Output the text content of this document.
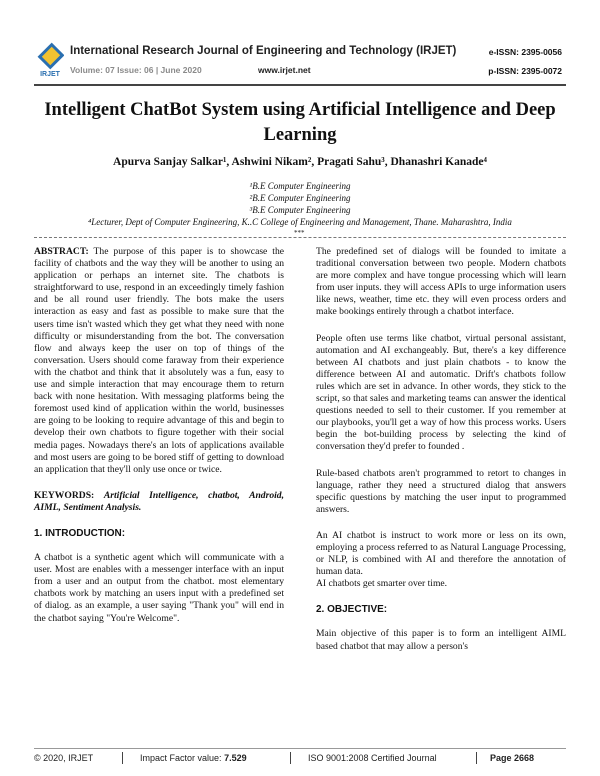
IRJET
International Research Journal of Engineering and Technology (IRJET)
Volume: 07 Issue: 06 | June 2020	www.irjet.net
e-ISSN: 2395-0056
p-ISSN: 2395-0072
Intelligent ChatBot System using Artificial Intelligence and Deep Learning
Apurva Sanjay Salkar¹, Ashwini Nikam², Pragati Sahu³, Dhanashri Kanade⁴
¹B.E Computer Engineering
²B.E Computer Engineering
³B.E Computer Engineering
⁴Lecturer, Dept of Computer Engineering, K..C College of Engineering and Management, Thane. Maharashtra, India
***

ABSTRACT: The purpose of this paper is to showcase the facility of chatbots and the way they will be another to using an application or perhaps an internet site. The chatbots is straightforward to use, respond in an exceedingly timely fashion and be all round user friendly. The bots make the users interaction as easy and fast as possible to make sure that the users time isn't wasted which they get what they need with none difficulty or misunderstanding from the bot. The conversation flow and always keep the user on top of things of the conversation. Users should come faraway from their experience with the chatbot and think that it absolutely was a fun, easy to use and simple interaction that may encourage them to return back with none hesitation. With messaging platforms being the foremost used kind of application within the world, businesses are going to be looking to require advantage of this and begin to develop their own chatbots to figure together with their social media pages. Nowadays there's an lots of applications available and most users are going to be bored stiff of getting to download an application that they'll only use once or twice.

KEYWORDS: Artificial Intelligence, chatbot, Android, AIML, Sentiment Analysis.

1. INTRODUCTION:

A chatbot is a synthetic agent which will communicate with a user. Most are enables with a messenger interface with an input from a user and an output from the chatbot. most elementary chatbots work by matching an users input with a predefined set of dialog. as an example, a user saying "Thank you" will end in the chatbot saying "You're Welcome".

The predefined set of dialogs will be founded to imitate a traditional conversation between two people. Modern chatbots are more complex and have tongue processing which will learn from user inputs. they will access APIs to urge information users like news, weather, time etc. they will even process orders and make bookings entirely through a chatbot interface.

People often use terms like chatbot, virtual personal assistant, automation and AI exchangeably. But, there's a key difference between AI chatbots and just plain chatbots - to know the difference between AI and automatic. Drift's chatbots follow rules which are set in advance. In other words, they stick to the script, so that sales and marketing teams can answer the identical questions needed to sell to their customer. If you remember at our playbooks, you'll get a way of how this process works. Users begin the bot-building process by selecting the kind of conversation they'd prefer to founded .

Rule-based chatbots aren't programmed to retort to changes in language, rather they need a structured dialog that answers specific questions by matching the user input to programmed answers.

An AI chatbot is instruct to work more or less on its own, employing a process referred to as Natural Language Processing, or NLP, is combined with AI and therefore the annotation of human data.

AI chatbots get smarter over time.

2. OBJECTIVE:

Main objective of this paper is to form an intelligent AIML based chatbot that may allow a person's

© 2020, IRJET	Impact Factor value: 7.529	ISO 9001:2008 Certified Journal	Page 2668
